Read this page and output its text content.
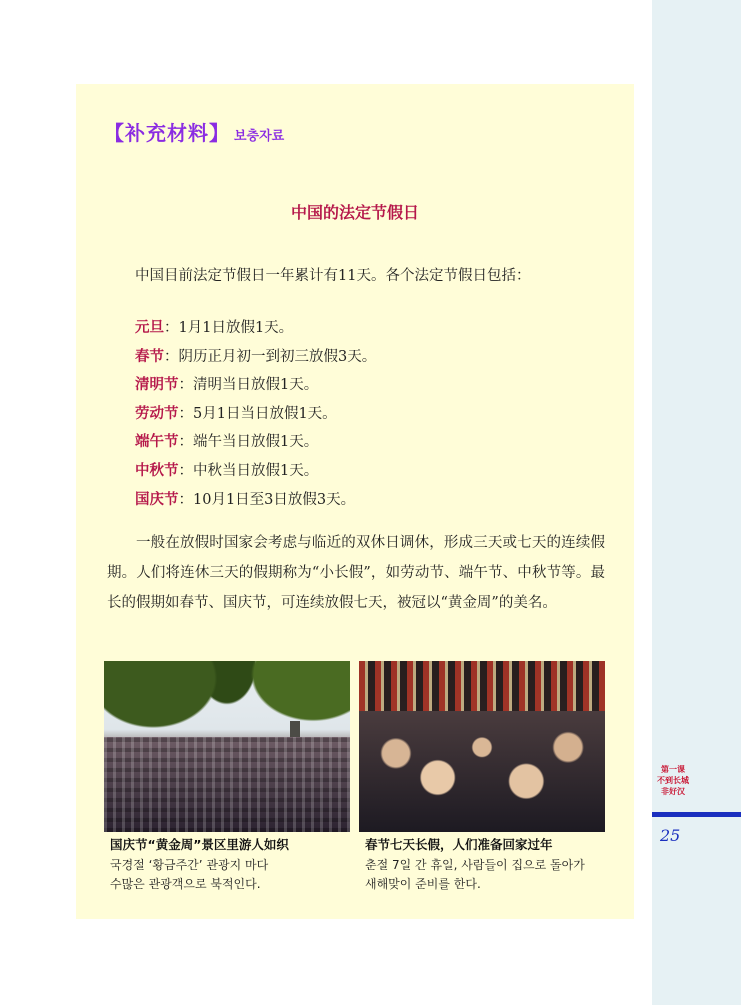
第一课
不到长城
非好汉
25
【补充材料】 보충자료
中国的法定节假日
中国目前法定节假日一年累计有11天。各个法定节假日包括：
元旦：1月1日放假1天。
春节：阴历正月初一到初三放假3天。
清明节：清明当日放假1天。
劳动节：5月1日当日放假1天。
端午节：端午当日放假1天。
中秋节：中秋当日放假1天。
国庆节：10月1日至3日放假3天。

一般在放假时国家会考虑与临近的双休日调休，形成三天或七天的连续假期。人们将连休三天的假期称为“小长假”，如劳动节、端午节、中秋节等。最长的假期如春节、国庆节，可连续放假七天，被冠以“黄金周”的美名。

国庆节“黄金周”景区里游人如织
국경절 ‘황금주간’ 관광지 마다
수많은 관광객으로 북적인다.
春节七天长假，人们准备回家过年
춘절 7일 간 휴일, 사람들이 집으로 돌아가
새해맞이 준비를 한다.
